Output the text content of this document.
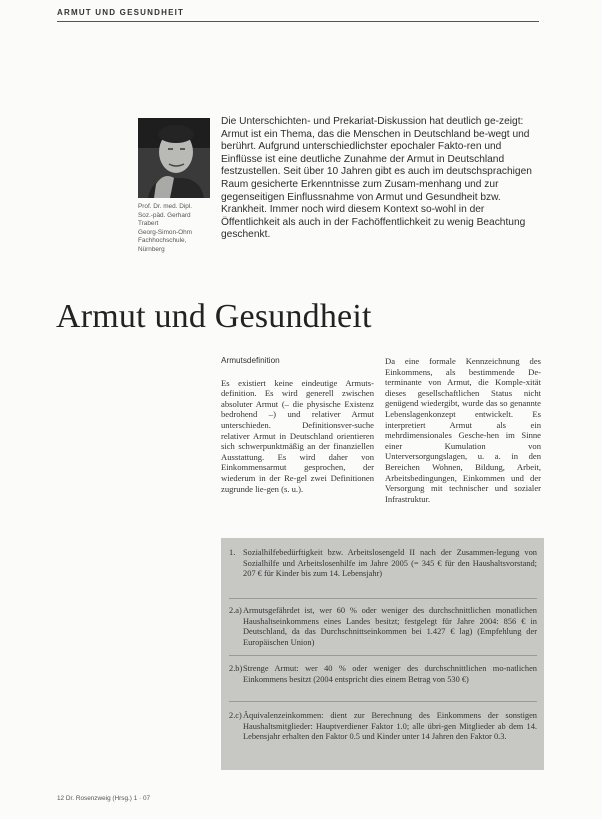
ARMUT UND GESUNDHEIT
Prof. Dr. med. Dipl.
Soz.-päd. Gerhard
Trabert
Georg-Simon-Ohm
Fachhochschule,
Nürnberg
Die Unterschichten- und Prekariat-Diskussion hat deutlich ge-zeigt: Armut ist ein Thema, das die Menschen in Deutschland be-wegt und berührt. Aufgrund unterschiedlichster epochaler Fakto-ren und Einflüsse ist eine deutliche Zunahme der Armut in Deutschland festzustellen. Seit über 10 Jahren gibt es auch im deutschsprachigen Raum gesicherte Erkenntnisse zum Zusam-menhang und zur gegenseitigen Einflussnahme von Armut und Gesundheit bzw. Krankheit. Immer noch wird diesem Kontext so-wohl in der Öffentlichkeit als auch in der Fachöffentlichkeit zu wenig Beachtung geschenkt.
Armut und Gesundheit
Armutsdefinition
Es existiert keine eindeutige Armuts-definition. Es wird generell zwischen absoluter Armut (– die physische Existenz bedrohend –) und relativer Armut unterschieden. Definitionsver-suche relativer Armut in Deutschland orientieren sich schwerpunktmäßig an der finanziellen Ausstattung. Es wird daher von Einkommensarmut gesprochen, der wiederum in der Re-gel zwei Definitionen zugrunde lie-gen (s. u.).
Da eine formale Kennzeichnung des Einkommens, als bestimmende De-terminante von Armut, die Komple-xität dieses gesellschaftlichen Status nicht genügend wiedergibt, wurde das so genannte Lebenslagenkonzept entwickelt. Es interpretiert Armut als ein mehrdimensionales Gesche-hen im Sinne einer Kumulation von Unterversorgungslagen, u. a. in den Bereichen Wohnen, Bildung, Arbeit, Arbeitsbedingungen, Einkommen und der Versorgung mit technischer und sozialer Infrastruktur.
1. Sozialhilfebedürftigkeit bzw. Arbeitslosengeld II nach der Zusammen-legung von Sozialhilfe und Arbeitslosenhilfe im Jahre 2005 (= 345 € für den Haushaltsvorstand; 207 € für Kinder bis zum 14. Lebensjahr)
2.a) Armutsgefährdet ist, wer 60 % oder weniger des durchschnittlichen monatlichen Haushaltseinkommens eines Landes besitzt; festgelegt für Jahre 2004: 856 € in Deutschland, da das Durchschnittseinkommen bei 1.427 € lag) (Empfehlung der Europäischen Union)
2.b) Strenge Armut: wer 40 % oder weniger des durchschnittlichen mo-natlichen Einkommens besitzt (2004 entspricht dies einem Betrag von 530 €)
2.c) Äquivalenzeinkommen: dient zur Berechnung des Einkommens der sonstigen Haushaltsmitglieder: Hauptverdiener Faktor 1.0; alle übri-gen Mitglieder ab dem 14. Lebensjahr erhalten den Faktor 0.5 und Kinder unter 14 Jahren den Faktor 0.3.
12 Dr. Rosenzweig (Hrsg.) 1 · 07
